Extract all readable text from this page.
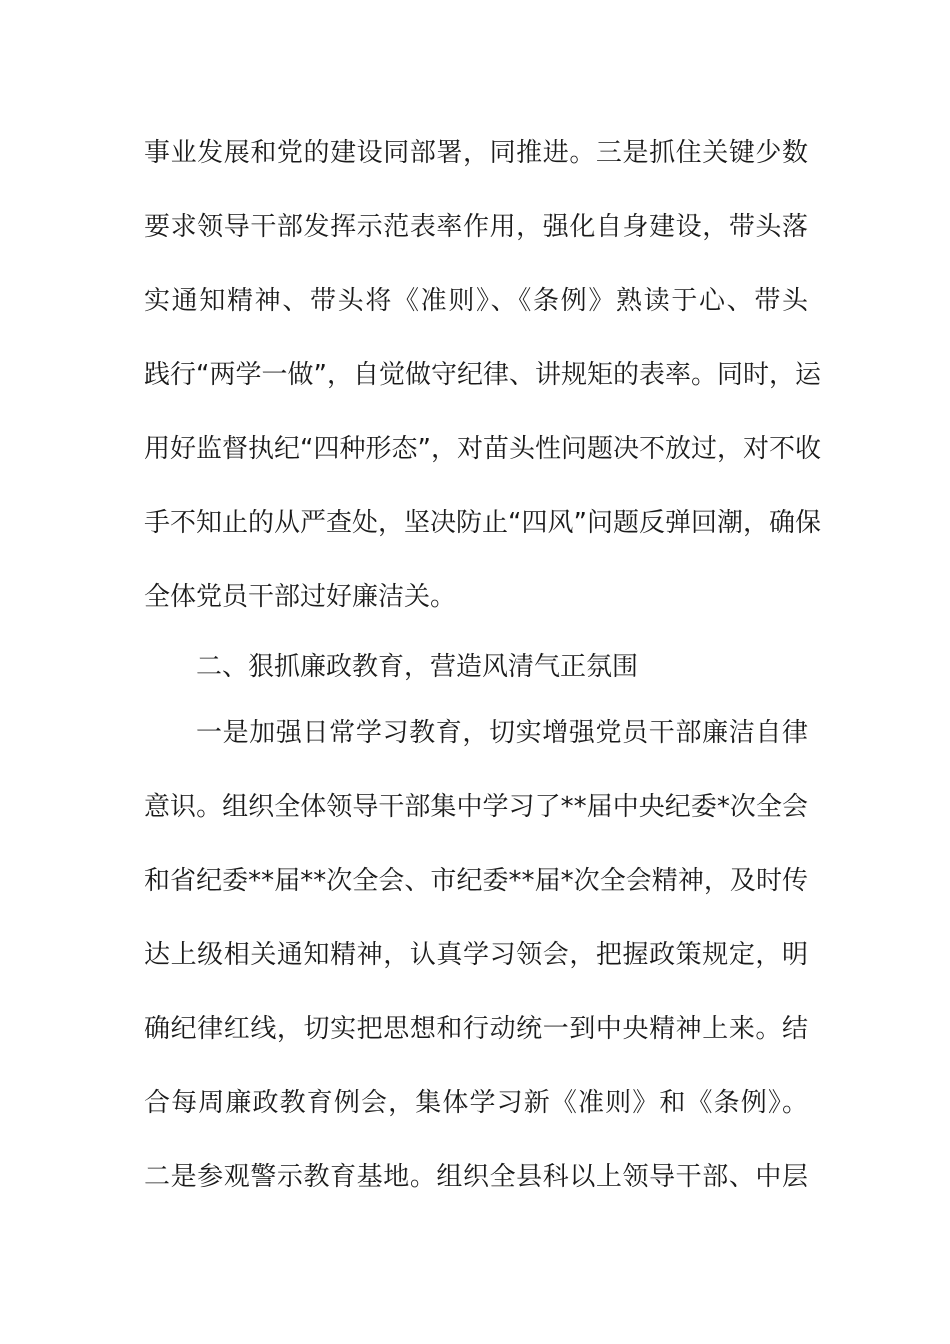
事业发展和党的建设同部署，同推进。三是抓住关键少数
要求领导干部发挥示范表率作用，强化自身建设，带头落
实通知精神、带头将《准则》、《条例》熟读于心、带头
践行“两学一做”，自觉做守纪律、讲规矩的表率。同时，运
用好监督执纪“四种形态”，对苗头性问题决不放过，对不收
手不知止的从严查处，坚决防止“四风”问题反弹回潮，确保
全体党员干部过好廉洁关。
二、狠抓廉政教育，营造风清气正氛围
一是加强日常学习教育，切实增强党员干部廉洁自律
意识。组织全体领导干部集中学习了**届中央纪委*次全会
和省纪委**届**次全会、市纪委**届*次全会精神，及时传
达上级相关通知精神，认真学习领会，把握政策规定，明
确纪律红线，切实把思想和行动统一到中央精神上来。结
合每周廉政教育例会，集体学习新《准则》和《条例》。
二是参观警示教育基地。组织全县科以上领导干部、中层
